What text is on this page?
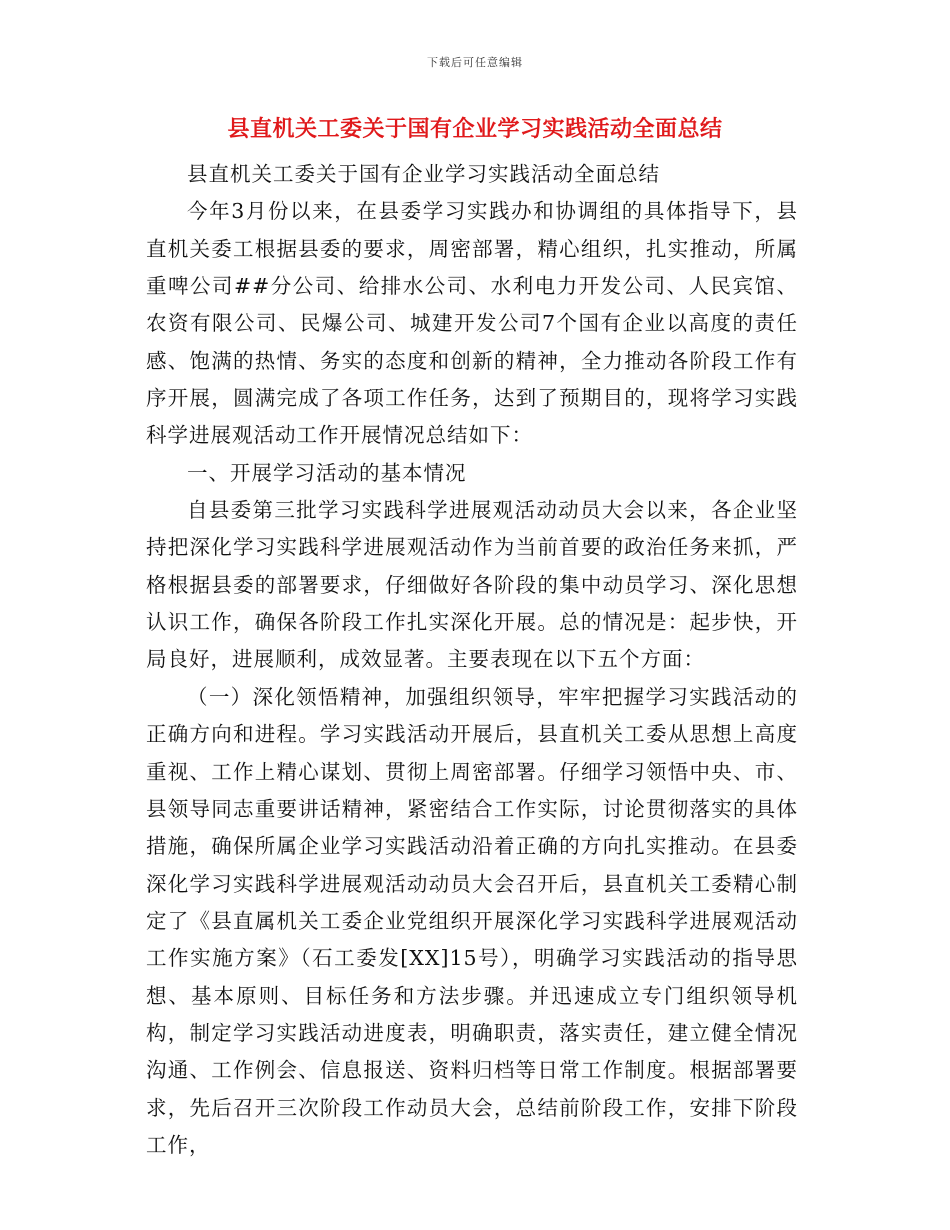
下载后可任意编辑
县直机关工委关于国有企业学习实践活动全面总结

县直机关工委关于国有企业学习实践活动全面总结

今年3月份以来，在县委学习实践办和协调组的具体指导下，县直机关委工根据县委的要求，周密部署，精心组织，扎实推动，所属重啤公司##分公司、给排水公司、水利电力开发公司、人民宾馆、农资有限公司、民爆公司、城建开发公司7个国有企业以高度的责任感、饱满的热情、务实的态度和创新的精神，全力推动各阶段工作有序开展，圆满完成了各项工作任务，达到了预期目的，现将学习实践科学进展观活动工作开展情况总结如下：

一、开展学习活动的基本情况

自县委第三批学习实践科学进展观活动动员大会以来，各企业坚持把深化学习实践科学进展观活动作为当前首要的政治任务来抓，严格根据县委的部署要求，仔细做好各阶段的集中动员学习、深化思想认识工作，确保各阶段工作扎实深化开展。总的情况是：起步快，开局良好，进展顺利，成效显著。主要表现在以下五个方面：

（一）深化领悟精神，加强组织领导，牢牢把握学习实践活动的正确方向和进程。学习实践活动开展后，县直机关工委从思想上高度重视、工作上精心谋划、贯彻上周密部署。仔细学习领悟中央、市、县领导同志重要讲话精神，紧密结合工作实际，讨论贯彻落实的具体措施，确保所属企业学习实践活动沿着正确的方向扎实推动。在县委深化学习实践科学进展观活动动员大会召开后，县直机关工委精心制定了《县直属机关工委企业党组织开展深化学习实践科学进展观活动工作实施方案》（石工委发[XX]15号），明确学习实践活动的指导思想、基本原则、目标任务和方法步骤。并迅速成立专门组织领导机构，制定学习实践活动进度表，明确职责，落实责任，建立健全情况沟通、工作例会、信息报送、资料归档等日常工作制度。根据部署要求，先后召开三次阶段工作动员大会，总结前阶段工作，安排下阶段工作，
